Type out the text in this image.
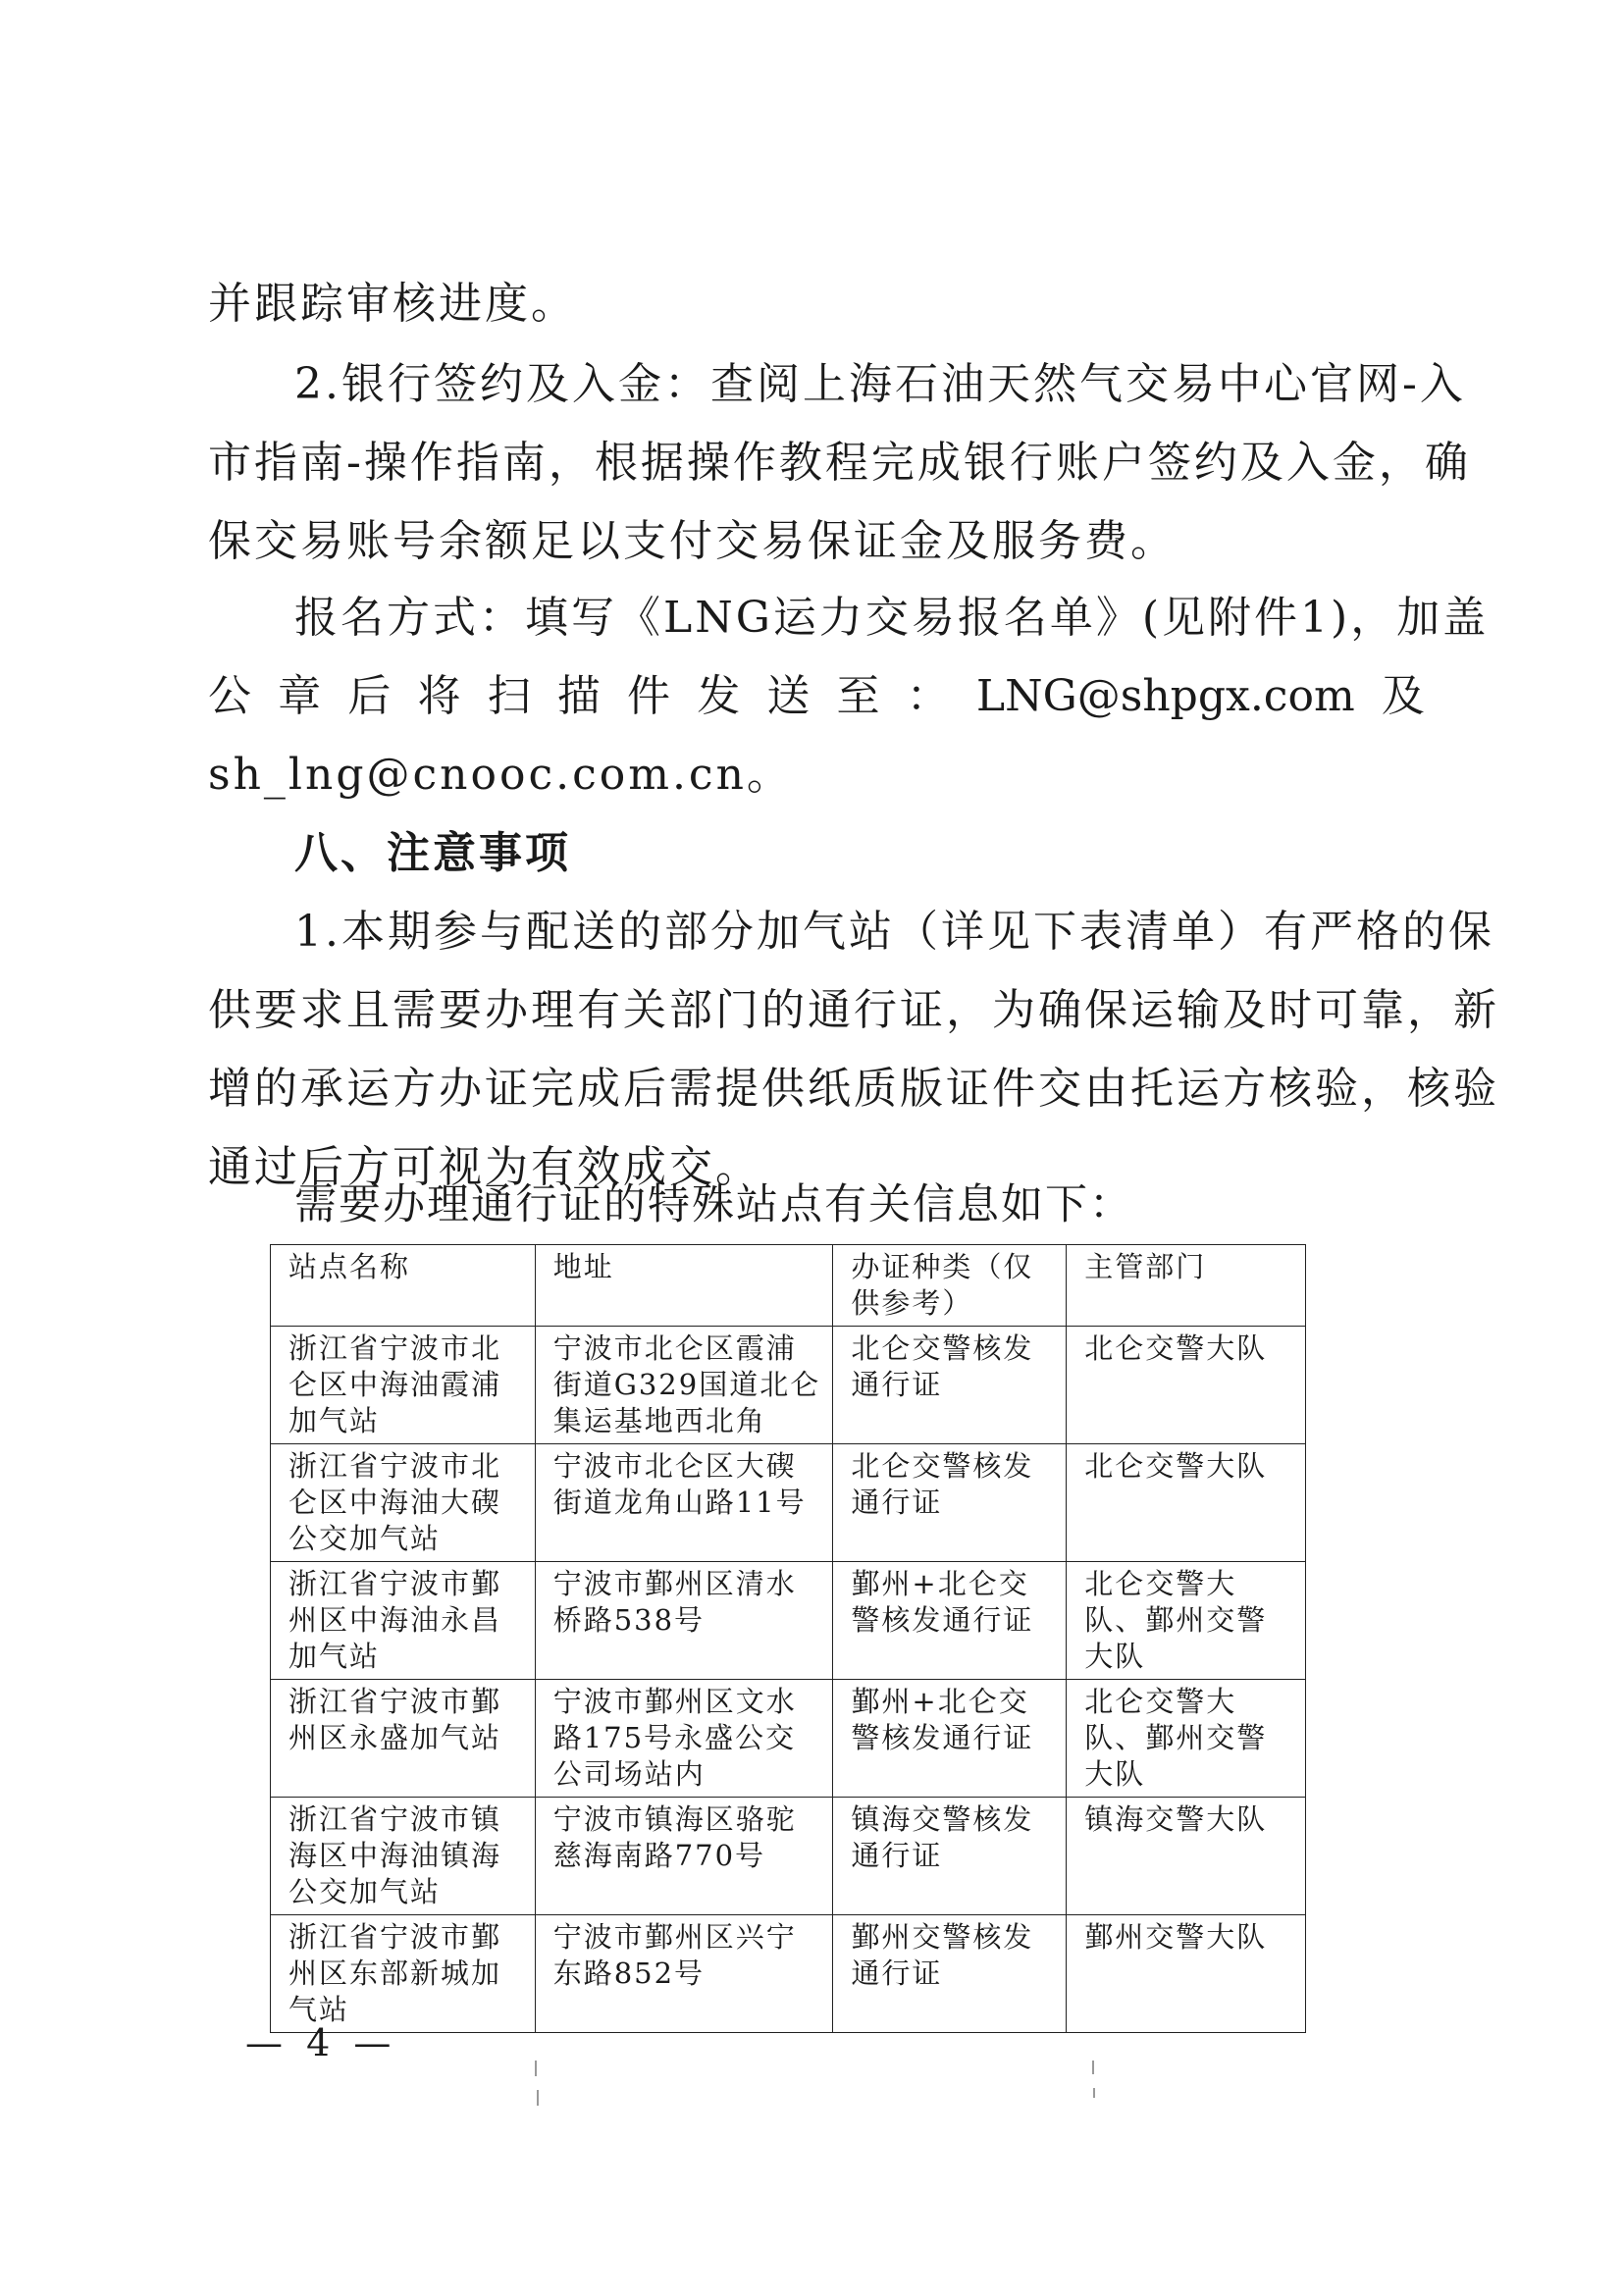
并跟踪审核进度。
2.银行签约及入金：查阅上海石油天然气交易中心官网-入
市指南-操作指南，根据操作教程完成银行账户签约及入金，确
保交易账号余额足以支付交易保证金及服务费。
报名方式：填写《LNG运力交易报名单》(见附件1)，加盖
公 章 后 将 扫 描 件 发 送 至 ： LNG@shpgx.com 及
sh_lng@cnooc.com.cn。
八、注意事项
1.本期参与配送的部分加气站（详见下表清单）有严格的保
供要求且需要办理有关部门的通行证，为确保运输及时可靠，新
增的承运方办证完成后需提供纸质版证件交由托运方核验，核验
通过后方可视为有效成交。
需要办理通行证的特殊站点有关信息如下：
站点名称	地址	办证种类（仅供参考）	主管部门
浙江省宁波市北仑区中海油霞浦加气站	宁波市北仑区霞浦街道G329国道北仑集运基地西北角	北仑交警核发通行证	北仑交警大队
浙江省宁波市北仑区中海油大碶公交加气站	宁波市北仑区大碶街道龙角山路11号	北仑交警核发通行证	北仑交警大队
浙江省宁波市鄞州区中海油永昌加气站	宁波市鄞州区清水桥路538号	鄞州+北仑交警核发通行证	北仑交警大队、鄞州交警大队
浙江省宁波市鄞州区永盛加气站	宁波市鄞州区文水路175号永盛公交公司场站内	鄞州+北仑交警核发通行证	北仑交警大队、鄞州交警大队
浙江省宁波市镇海区中海油镇海公交加气站	宁波市镇海区骆驼慈海南路770号	镇海交警核发通行证	镇海交警大队
浙江省宁波市鄞州区东部新城加气站	宁波市鄞州区兴宁东路852号	鄞州交警核发通行证	鄞州交警大队
— 4 —
